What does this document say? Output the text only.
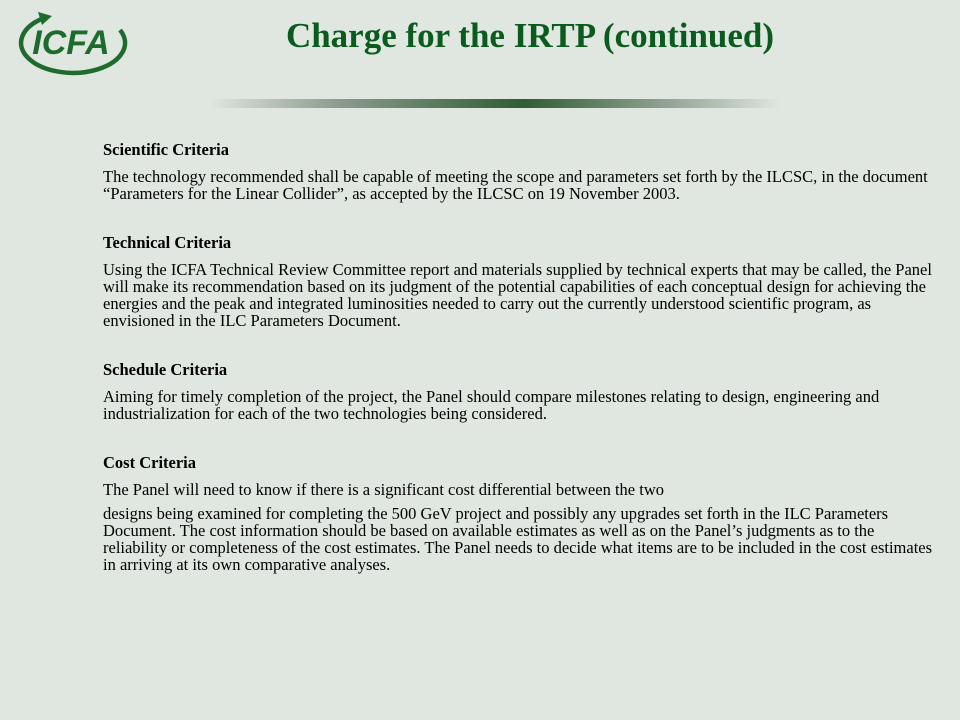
ICFA	Charge for the IRTP (continued)
Scientific Criteria

The technology recommended shall be capable of meeting the scope and parameters set forth by the ILCSC, in the document “Parameters for the Linear Collider”, as accepted by the ILCSC on 19 November 2003.

Technical Criteria

Using the ICFA Technical Review Committee report and materials supplied by technical experts that may be called, the Panel will make its recommendation based on its judgment of the potential capabilities of each conceptual design for achieving the energies and the peak and integrated luminosities needed to carry out the currently understood scientific program, as envisioned in the ILC Parameters Document.

Schedule Criteria

Aiming for timely completion of the project, the Panel should compare milestones relating to design, engineering and industrialization for each of the two technologies being considered.

Cost Criteria

The Panel will need to know if there is a significant cost differential between the two

designs being examined for completing the 500 GeV project and possibly any upgrades set forth in the ILC Parameters Document. The cost information should be based on available estimates as well as on the Panel’s judgments as to the reliability or completeness of the cost estimates. The Panel needs to decide what items are to be included in the cost estimates in arriving at its own comparative analyses.
